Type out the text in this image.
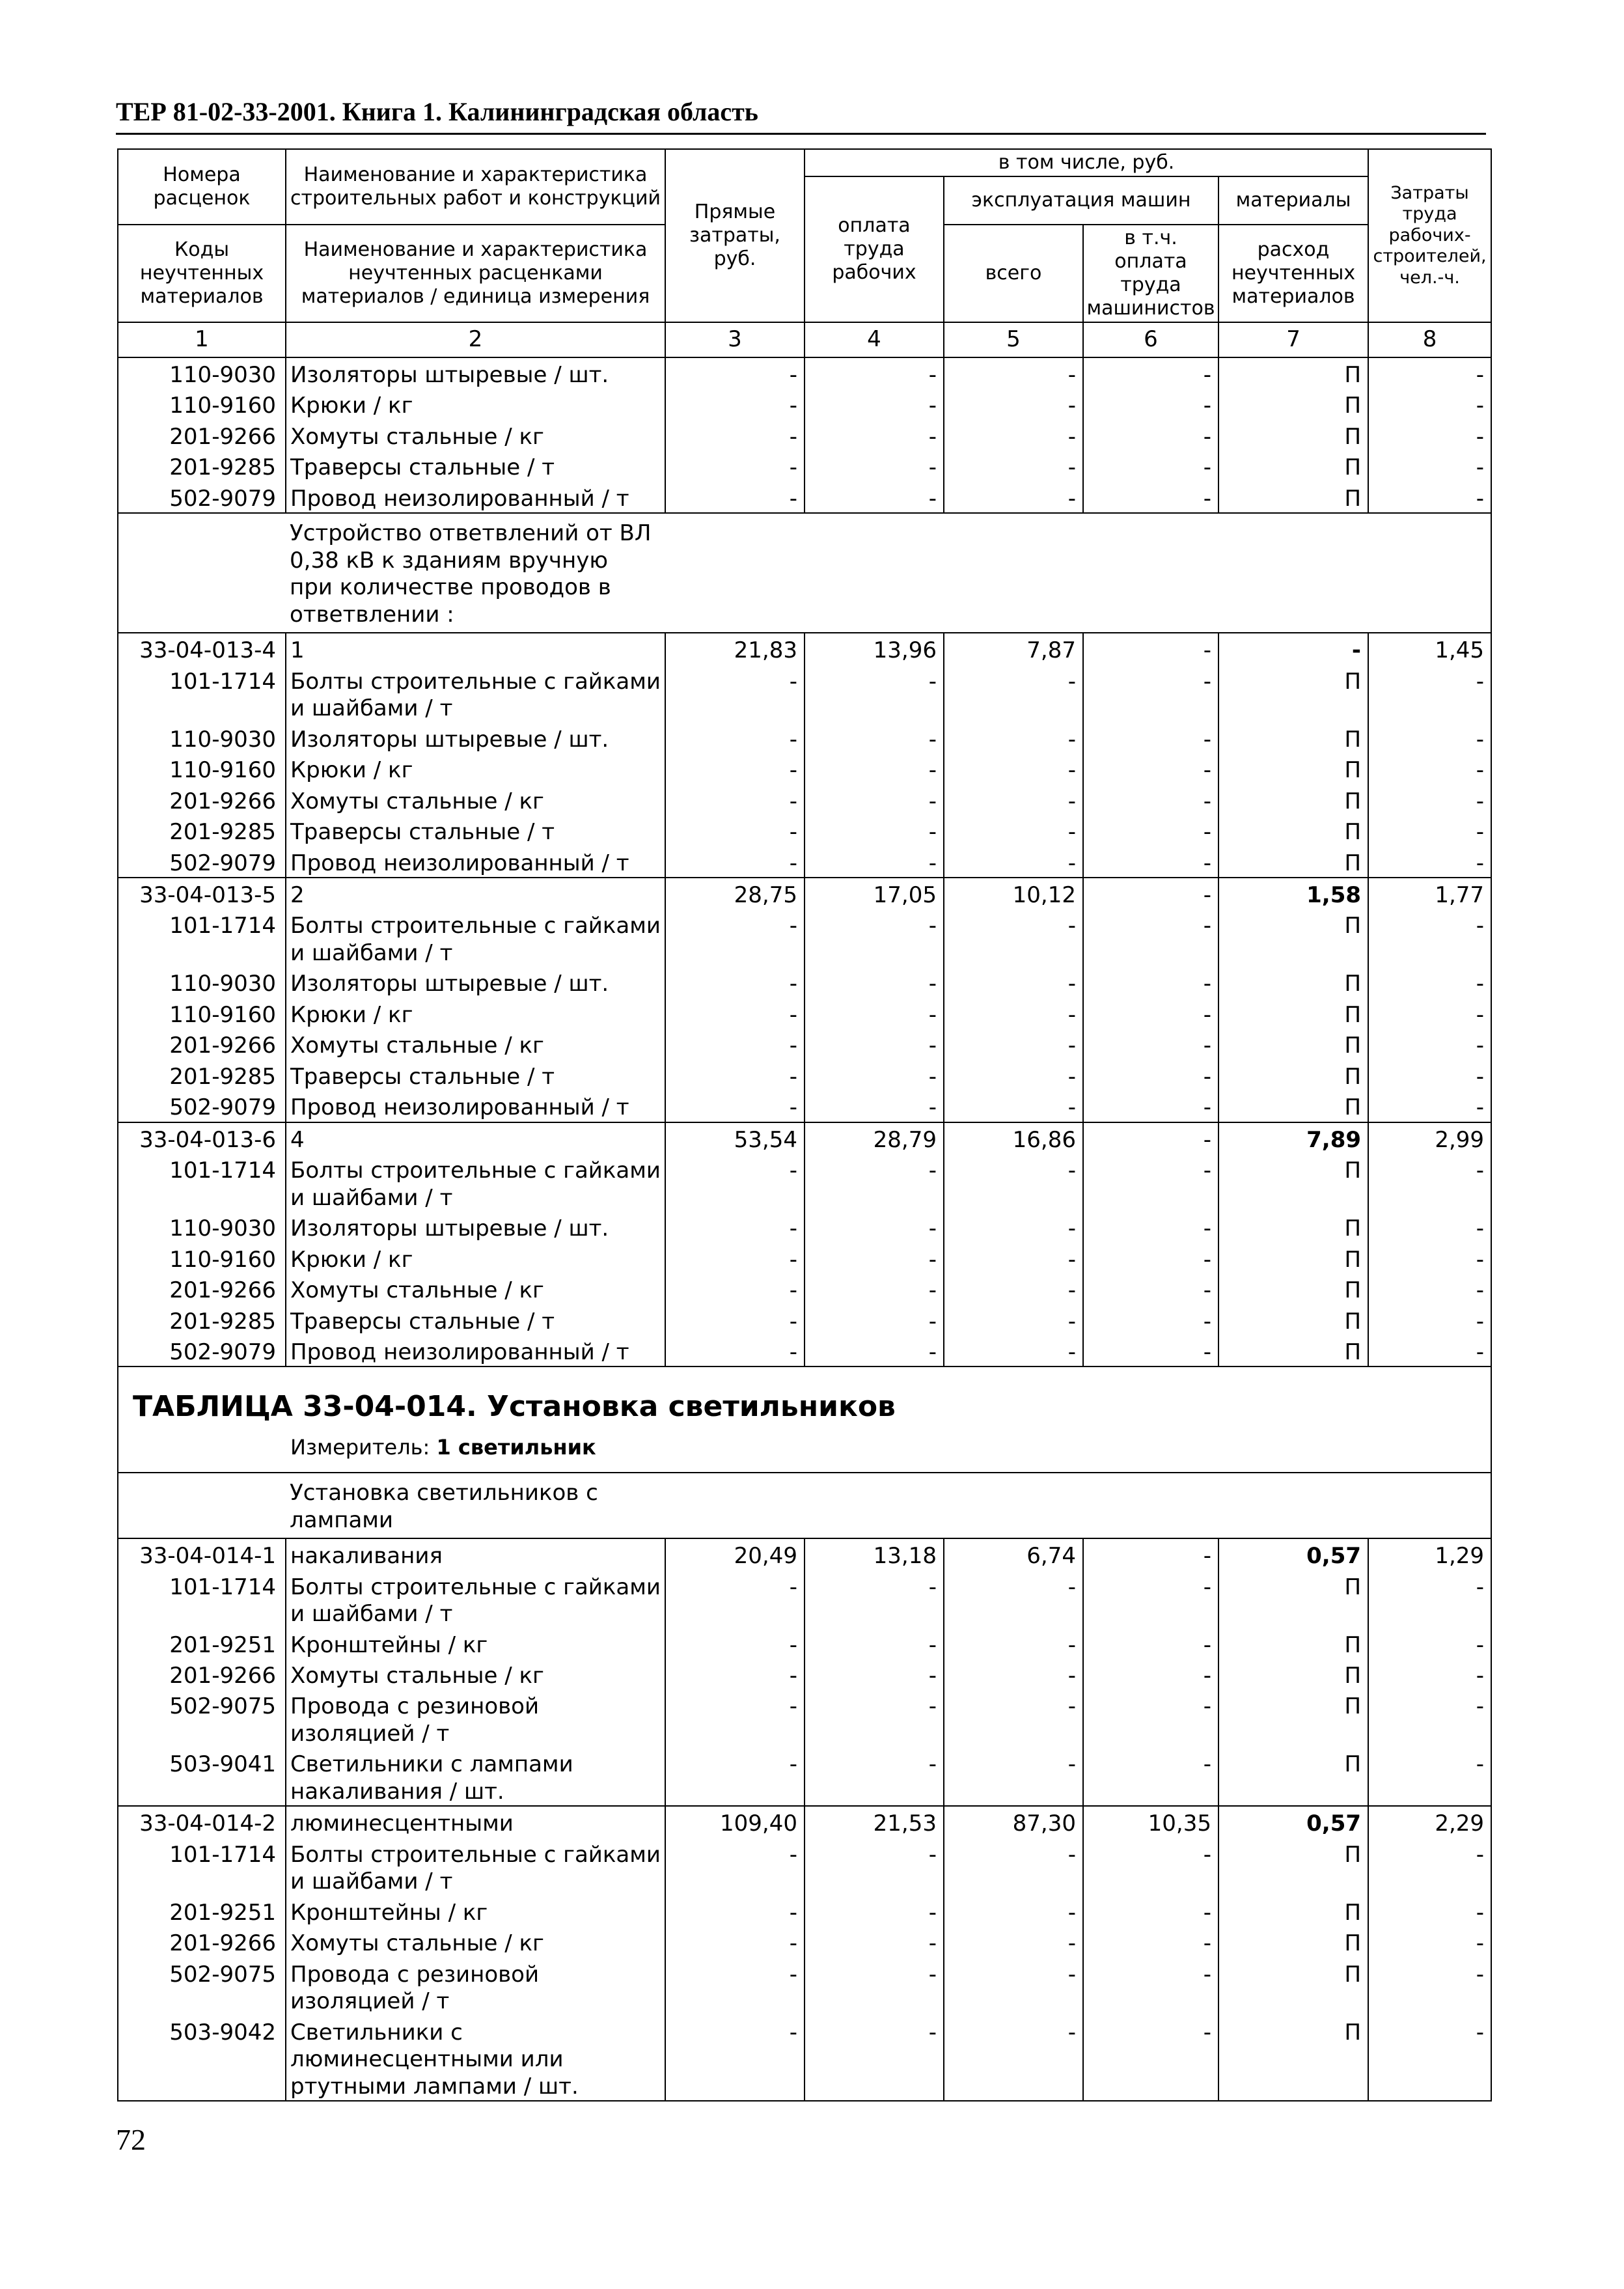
ТЕР 81-02-33-2001. Книга 1. Калининградская область
Номера расценок	Наименование и характеристика строительных работ и конструкций	Прямые затраты, руб.	в том числе, руб.				Затраты труда рабочих-строителей, чел.-ч.
			оплата труда рабочих	эксплуатация машин		материалы	

Коды неучтенных материалов	Наименование и характеристика неучтенных расценками материалов / единица измерения			всего	в т.ч. оплата труда машинистов	расход неучтенных материалов	

1	2	3	4	5	6	7	8
110-9030	Изоляторы штыревые / шт.	-	-	-	-	П	-
110-9160	Крюки / кг	-	-	-	-	П	-
201-9266	Хомуты стальные / кг	-	-	-	-	П	-
201-9285	Траверсы стальные / т	-	-	-	-	П	-
502-9079	Провод неизолированный / т	-	-	-	-	П	-

	Устройство ответвлений от ВЛ 0,38 кВ к зданиям вручную при количестве проводов в ответвлении :						

33-04-013-4	1	21,83	13,96	7,87	-	-	1,45
101-1714	Болты строительные с гайками и шайбами / т	-	-	-	-	П	-
110-9030	Изоляторы штыревые / шт.	-	-	-	-	П	-
110-9160	Крюки / кг	-	-	-	-	П	-
201-9266	Хомуты стальные / кг	-	-	-	-	П	-
201-9285	Траверсы стальные / т	-	-	-	-	П	-
502-9079	Провод неизолированный / т	-	-	-	-	П	-
33-04-013-5	2	28,75	17,05	10,12	-	1,58	1,77
101-1714	Болты строительные с гайками и шайбами / т	-	-	-	-	П	-
110-9030	Изоляторы штыревые / шт.	-	-	-	-	П	-
110-9160	Крюки / кг	-	-	-	-	П	-
201-9266	Хомуты стальные / кг	-	-	-	-	П	-
201-9285	Траверсы стальные / т	-	-	-	-	П	-
502-9079	Провод неизолированный / т	-	-	-	-	П	-
33-04-013-6	4	53,54	28,79	16,86	-	7,89	2,99
101-1714	Болты строительные с гайками и шайбами / т	-	-	-	-	П	-
110-9030	Изоляторы штыревые / шт.	-	-	-	-	П	-
110-9160	Крюки / кг	-	-	-	-	П	-
201-9266	Хомуты стальные / кг	-	-	-	-	П	-
201-9285	Траверсы стальные / т	-	-	-	-	П	-
502-9079	Провод неизолированный / т	-	-	-	-	П	-

ТАБЛИЦА 33-04-014. Установка светильников
Измеритель: 1 светильник							

	Установка светильников с лампами						

33-04-014-1	накаливания	20,49	13,18	6,74	-	0,57	1,29
101-1714	Болты строительные с гайками и шайбами / т	-	-	-	-	П	-
201-9251	Кронштейны / кг	-	-	-	-	П	-
201-9266	Хомуты стальные / кг	-	-	-	-	П	-
502-9075	Провода с резиновой изоляцией / т	-	-	-	-	П	-
503-9041	Светильники с лампами накаливания / шт.	-	-	-	-	П	-
33-04-014-2	люминесцентными	109,40	21,53	87,30	10,35	0,57	2,29
101-1714	Болты строительные с гайками и шайбами / т	-	-	-	-	П	-
201-9251	Кронштейны / кг	-	-	-	-	П	-
201-9266	Хомуты стальные / кг	-	-	-	-	П	-
502-9075	Провода с резиновой изоляцией / т	-	-	-	-	П	-
503-9042	Светильники с люминесцентными или ртутными лампами / шт.	-	-	-	-	П	-
72
